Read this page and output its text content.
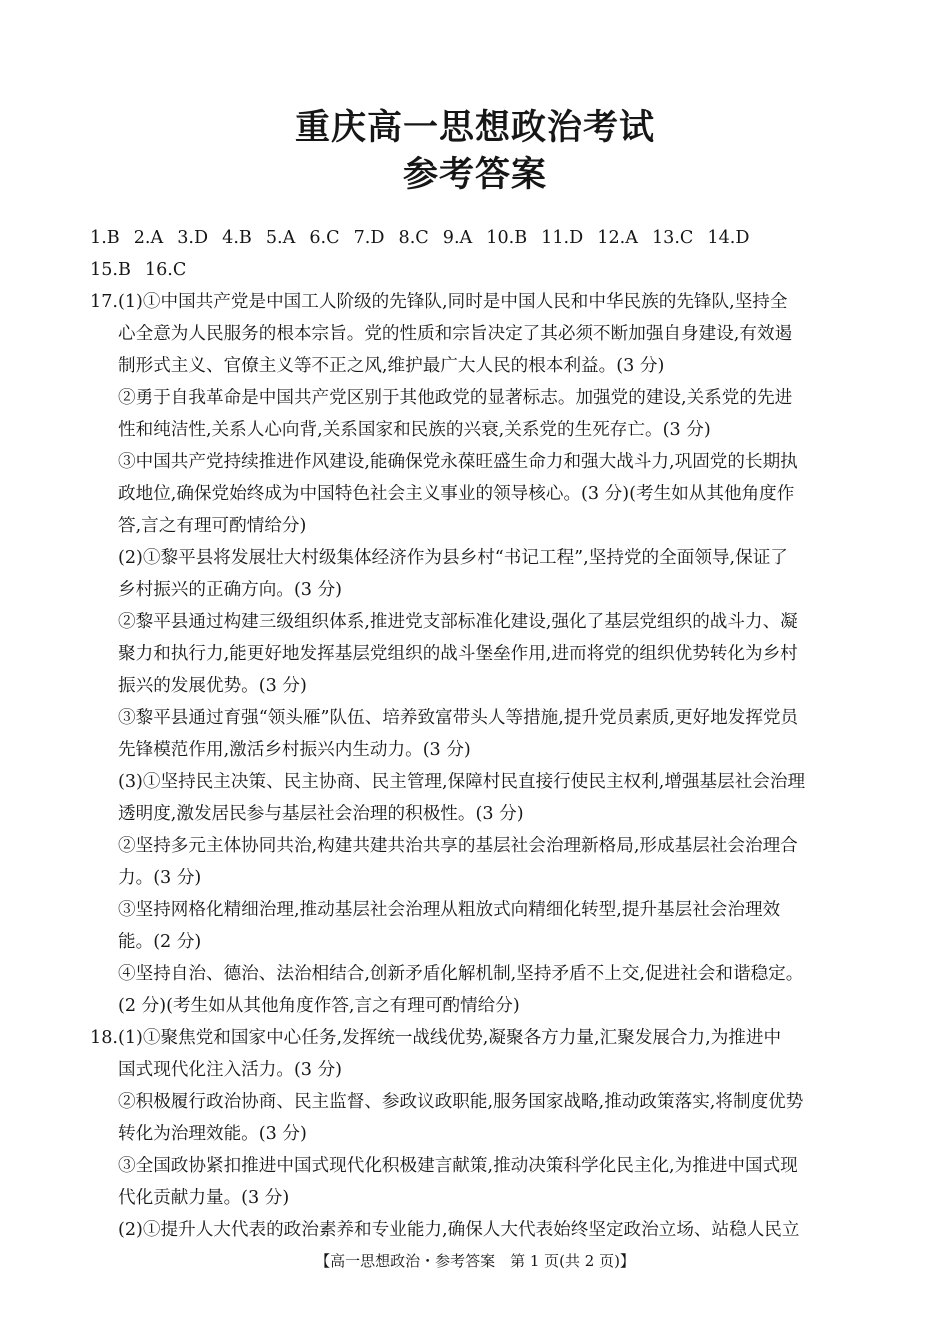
重庆高一思想政治考试
参考答案

1.B 2.A 3.D 4.B 5.A 6.C 7.D 8.C 9.A 10.B 11.D 12.A 13.C 14.D

15.B 16.C

17.(1)①中国共产党是中国工人阶级的先锋队,同时是中国人民和中华民族的先锋队,坚持全

心全意为人民服务的根本宗旨。党的性质和宗旨决定了其必须不断加强自身建设,有效遏

制形式主义、官僚主义等不正之风,维护最广大人民的根本利益。(3 分)

②勇于自我革命是中国共产党区别于其他政党的显著标志。加强党的建设,关系党的先进

性和纯洁性,关系人心向背,关系国家和民族的兴衰,关系党的生死存亡。(3 分)

③中国共产党持续推进作风建设,能确保党永葆旺盛生命力和强大战斗力,巩固党的长期执

政地位,确保党始终成为中国特色社会主义事业的领导核心。(3 分)(考生如从其他角度作

答,言之有理可酌情给分)

(2)①黎平县将发展壮大村级集体经济作为县乡村“书记工程”,坚持党的全面领导,保证了

乡村振兴的正确方向。(3 分)

②黎平县通过构建三级组织体系,推进党支部标准化建设,强化了基层党组织的战斗力、凝

聚力和执行力,能更好地发挥基层党组织的战斗堡垒作用,进而将党的组织优势转化为乡村

振兴的发展优势。(3 分)

③黎平县通过育强“领头雁”队伍、培养致富带头人等措施,提升党员素质,更好地发挥党员

先锋模范作用,激活乡村振兴内生动力。(3 分)

(3)①坚持民主决策、民主协商、民主管理,保障村民直接行使民主权利,增强基层社会治理

透明度,激发居民参与基层社会治理的积极性。(3 分)

②坚持多元主体协同共治,构建共建共治共享的基层社会治理新格局,形成基层社会治理合

力。(3 分)

③坚持网格化精细治理,推动基层社会治理从粗放式向精细化转型,提升基层社会治理效

能。(2 分)

④坚持自治、德治、法治相结合,创新矛盾化解机制,坚持矛盾不上交,促进社会和谐稳定。

(2 分)(考生如从其他角度作答,言之有理可酌情给分)

18.(1)①聚焦党和国家中心任务,发挥统一战线优势,凝聚各方力量,汇聚发展合力,为推进中

国式现代化注入活力。(3 分)

②积极履行政治协商、民主监督、参政议政职能,服务国家战略,推动政策落实,将制度优势

转化为治理效能。(3 分)

③全国政协紧扣推进中国式现代化积极建言献策,推动决策科学化民主化,为推进中国式现

代化贡献力量。(3 分)

(2)①提升人大代表的政治素养和专业能力,确保人大代表始终坚定政治立场、站稳人民立

【高一思想政治・参考答案　第 1 页(共 2 页)】
